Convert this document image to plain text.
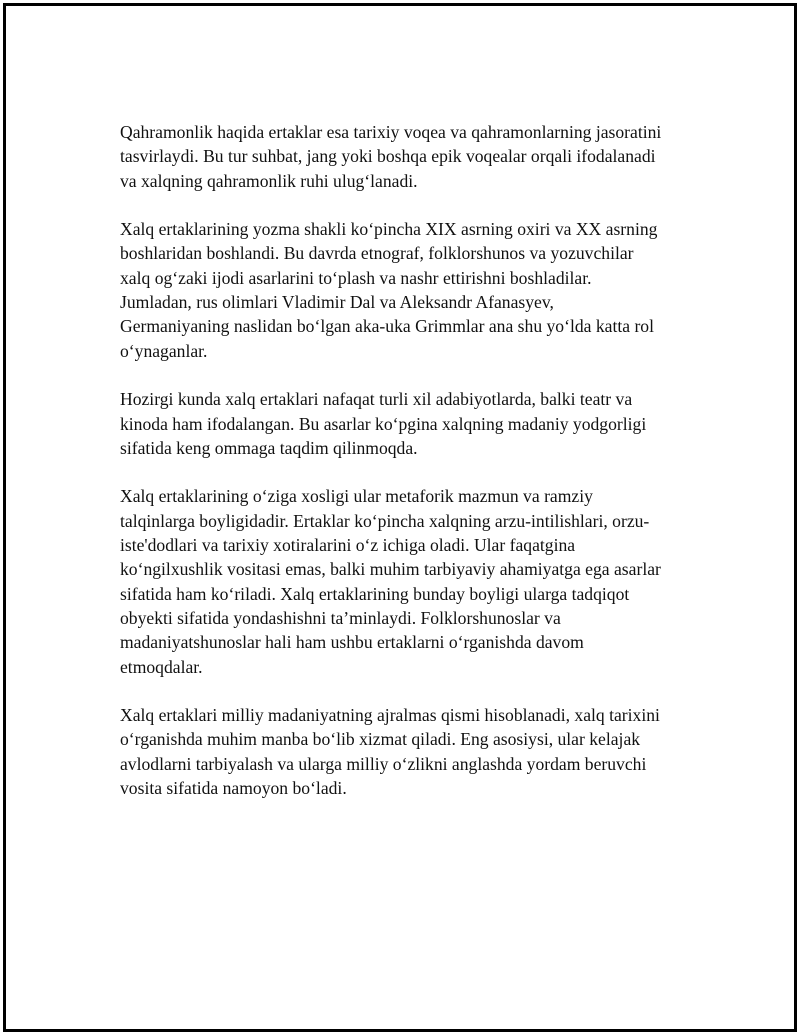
Qahramonlik haqida ertaklar esa tarixiy voqea va qahramonlarning jasoratini
tasvirlaydi. Bu tur suhbat, jang yoki boshqa epik voqealar orqali ifodalanadi
va xalqning qahramonlik ruhi ulug‘lanadi.

Xalq ertaklarining yozma shakli ko‘pincha XIX asrning oxiri va XX asrning
boshlaridan boshlandi. Bu davrda etnograf, folklorshunos va yozuvchilar
xalq og‘zaki ijodi asarlarini to‘plash va nashr ettirishni boshladilar.
Jumladan, rus olimlari Vladimir Dal va Aleksandr Afanasyev,
Germaniyaning naslidan bo‘lgan aka-uka Grimmlar ana shu yo‘lda katta rol
o‘ynaganlar.

Hozirgi kunda xalq ertaklari nafaqat turli xil adabiyotlarda, balki teatr va
kinoda ham ifodalangan. Bu asarlar ko‘pgina xalqning madaniy yodgorligi
sifatida keng ommaga taqdim qilinmoqda.

Xalq ertaklarining o‘ziga xosligi ular metaforik mazmun va ramziy
talqinlarga boyligidadir. Ertaklar ko‘pincha xalqning arzu-intilishlari, orzu-
iste'dodlari va tarixiy xotiralarini o‘z ichiga oladi. Ular faqatgina
ko‘ngilxushlik vositasi emas, balki muhim tarbiyaviy ahamiyatga ega asarlar
sifatida ham ko‘riladi. Xalq ertaklarining bunday boyligi ularga tadqiqot
obyekti sifatida yondashishni ta’minlaydi. Folklorshunoslar va
madaniyatshunoslar hali ham ushbu ertaklarni o‘rganishda davom
etmoqdalar.

Xalq ertaklari milliy madaniyatning ajralmas qismi hisoblanadi, xalq tarixini
o‘rganishda muhim manba bo‘lib xizmat qiladi. Eng asosiysi, ular kelajak
avlodlarni tarbiyalash va ularga milliy o‘zlikni anglashda yordam beruvchi
vosita sifatida namoyon bo‘ladi.
